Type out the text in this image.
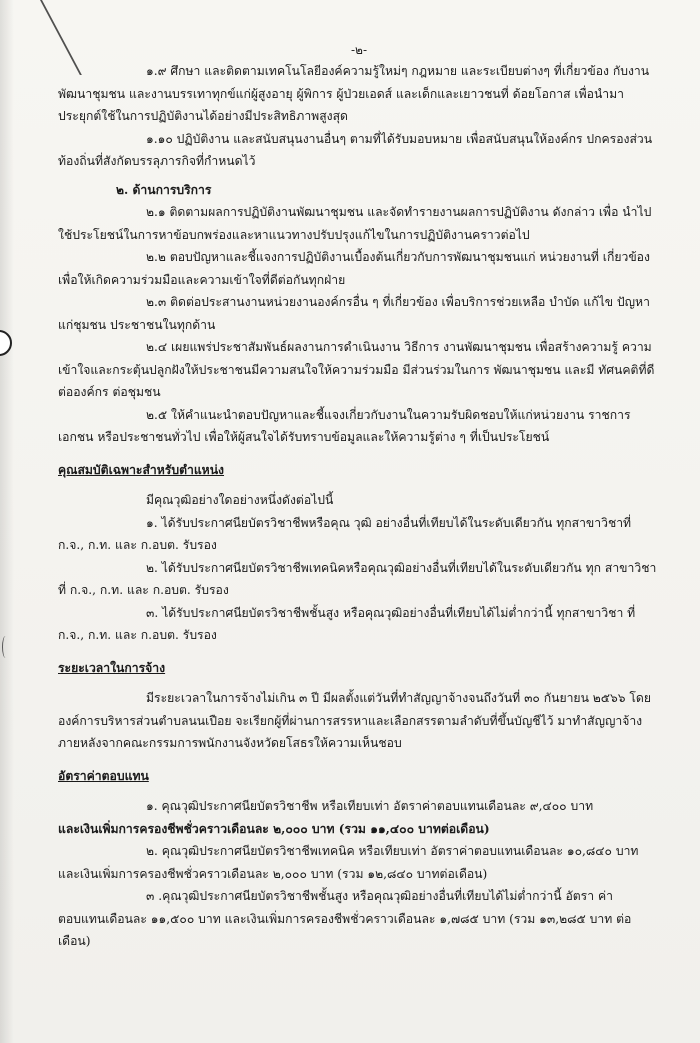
-๒-

๑.๙ ศึกษา และติดตามเทคโนโลยีองค์ความรู้ใหม่ๆ กฎหมาย และระเบียบต่างๆ ที่เกี่ยวข้อง กับงานพัฒนาชุมชน และงานบรรเทาทุกข์แก่ผู้สูงอายุ ผู้พิการ ผู้ป่วยเอดส์ และเด็กและเยาวชนที่ ด้อยโอกาส เพื่อนำมาประยุกต์ใช้ในการปฏิบัติงานได้อย่างมีประสิทธิภาพสูงสุด

๑.๑๐ ปฏิบัติงาน และสนับสนุนงานอื่นๆ ตามที่ได้รับมอบหมาย เพื่อสนับสนุนให้องค์กร ปกครองส่วนท้องถิ่นที่สังกัดบรรลุภารกิจที่กำหนดไว้

๒. ด้านการบริการ

๒.๑ ติดตามผลการปฏิบัติงานพัฒนาชุมชน และจัดทำรายงานผลการปฏิบัติงาน ดังกล่าว เพื่อ นำไปใช้ประโยชน์ในการหาข้อบกพร่องและหาแนวทางปรับปรุงแก้ไขในการปฏิบัติงานคราวต่อไป

๒.๒ ตอบปัญหาและชี้แจงการปฏิบัติงานเบื้องต้นเกี่ยวกับการพัฒนาชุมชนแก่ หน่วยงานที่ เกี่ยวข้องเพื่อให้เกิดความร่วมมือและความเข้าใจที่ดีต่อกันทุกฝ่าย

๒.๓ ติดต่อประสานงานหน่วยงานองค์กรอื่น ๆ ที่เกี่ยวข้อง เพื่อบริการช่วยเหลือ บำบัด แก้ไข ปัญหาแก่ชุมชน ประชาชนในทุกด้าน

๒.๔ เผยแพร่ประชาสัมพันธ์ผลงานการดำเนินงาน วิธีการ งานพัฒนาชุมชน เพื่อสร้างความรู้ ความเข้าใจและกระตุ้นปลูกฝังให้ประชาชนมีความสนใจให้ความร่วมมือ มีส่วนร่วมในการ พัฒนาชุมชน และมี ทัศนคติที่ดีต่อองค์กร ต่อชุมชน

๒.๕ ให้คำแนะนำตอบปัญหาและชี้แจงเกี่ยวกับงานในความรับผิดชอบให้แก่หน่วยงาน ราชการ เอกชน หรือประชาชนทั่วไป เพื่อให้ผู้สนใจได้รับทราบข้อมูลและให้ความรู้ต่าง ๆ ที่เป็นประโยชน์

คุณสมบัติเฉพาะสำหรับตำแหน่ง

มีคุณวุฒิอย่างใดอย่างหนึ่งดังต่อไปนี้

๑. ได้รับประกาศนียบัตรวิชาชีพหรือคุณ วุฒิ อย่างอื่นที่เทียบได้ในระดับเดียวกัน ทุกสาขาวิชาที่ ก.จ., ก.ท. และ ก.อบต. รับรอง

๒. ได้รับประกาศนียบัตรวิชาชีพเทคนิคหรือคุณวุฒิอย่างอื่นที่เทียบได้ในระดับเดียวกัน ทุก สาขาวิชาที่ ก.จ., ก.ท. และ ก.อบต. รับรอง

๓. ได้รับประกาศนียบัตรวิชาชีพชั้นสูง หรือคุณวุฒิอย่างอื่นที่เทียบได้ไม่ต่ำกว่านี้ ทุกสาขาวิชา ที่ ก.จ., ก.ท. และ ก.อบต. รับรอง

ระยะเวลาในการจ้าง

มีระยะเวลาในการจ้างไม่เกิน ๓ ปี มีผลตั้งแต่วันที่ทำสัญญาจ้างจนถึงวันที่ ๓๐ กันยายน ๒๕๖๖ โดยองค์การบริหารส่วนตำบลนนเปือย จะเรียกผู้ที่ผ่านการสรรหาและเลือกสรรตามลำดับที่ขึ้นบัญชีไว้ มาทำสัญญาจ้างภายหลังจากคณะกรรมการพนักงานจังหวัดยโสธรให้ความเห็นชอบ

อัตราค่าตอบแทน

๑. คุณวุฒิประกาศนียบัตรวิชาชีพ หรือเทียบเท่า อัตราค่าตอบแทนเดือนละ ๙,๔๐๐ บาท

และเงินเพิ่มการครองชีพชั่วคราวเดือนละ ๒,๐๐๐ บาท (รวม ๑๑,๔๐๐ บาทต่อเดือน)

๒. คุณวุฒิประกาศนียบัตรวิชาชีพเทคนิค หรือเทียบเท่า อัตราค่าตอบแทนเดือนละ ๑๐,๘๔๐ บาท และเงินเพิ่มการครองชีพชั่วคราวเดือนละ ๒,๐๐๐ บาท (รวม ๑๒,๘๔๐ บาทต่อเดือน)

๓ .คุณวุฒิประกาศนียบัตรวิชาชีพชั้นสูง หรือคุณวุฒิอย่างอื่นที่เทียบได้ไม่ต่ำกว่านี้ อัตรา ค่าตอบแทนเดือนละ ๑๑,๕๐๐ บาท และเงินเพิ่มการครองชีพชั่วคราวเดือนละ ๑,๗๘๕ บาท (รวม ๑๓,๒๘๕ บาท ต่อเดือน)
